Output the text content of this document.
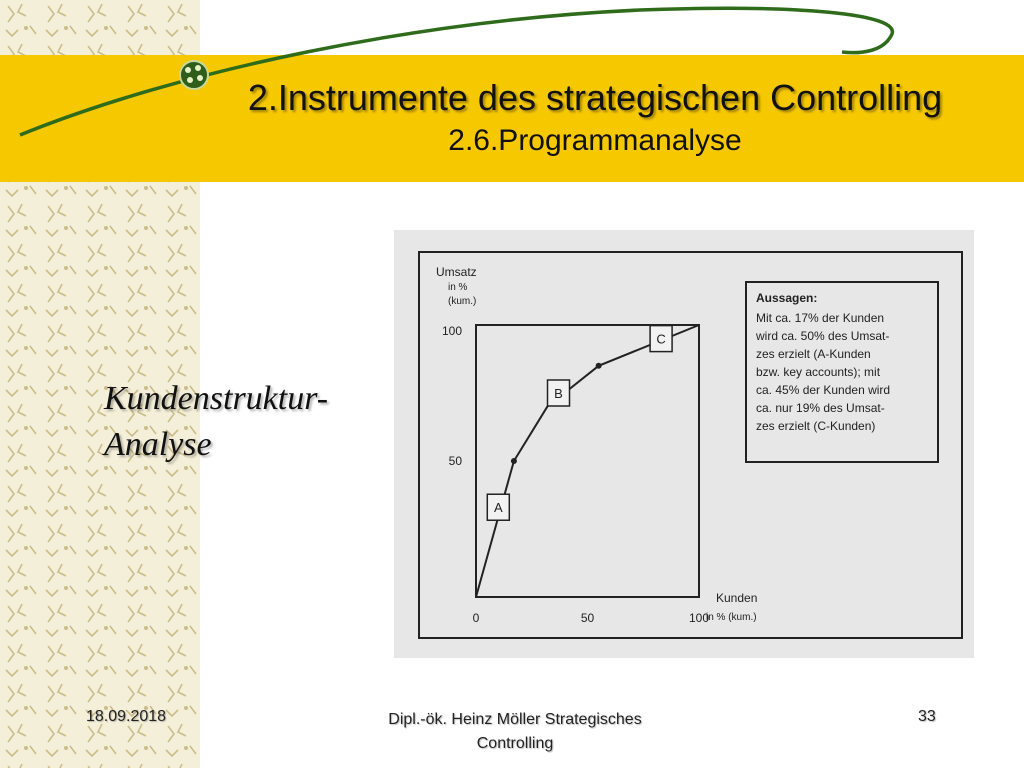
2.Instrumente des strategischen Controlling
2.6.Programmanalyse
Kundenstruktur-
Analyse
Umsatz
in %
(kum.)
Kunden
in % (kum.)
0	50	100
50
100
A
B
C
Aussagen:
Mit ca. 17% der Kunden
wird ca. 50% des Umsat-
zes erzielt (A-Kunden
bzw. key accounts); mit
ca. 45% der Kunden wird
ca. nur 19% des Umsat-
zes erzielt (C-Kunden)
18.09.2018	Dipl.-ök. Heinz Möller Strategisches
Controlling
33
